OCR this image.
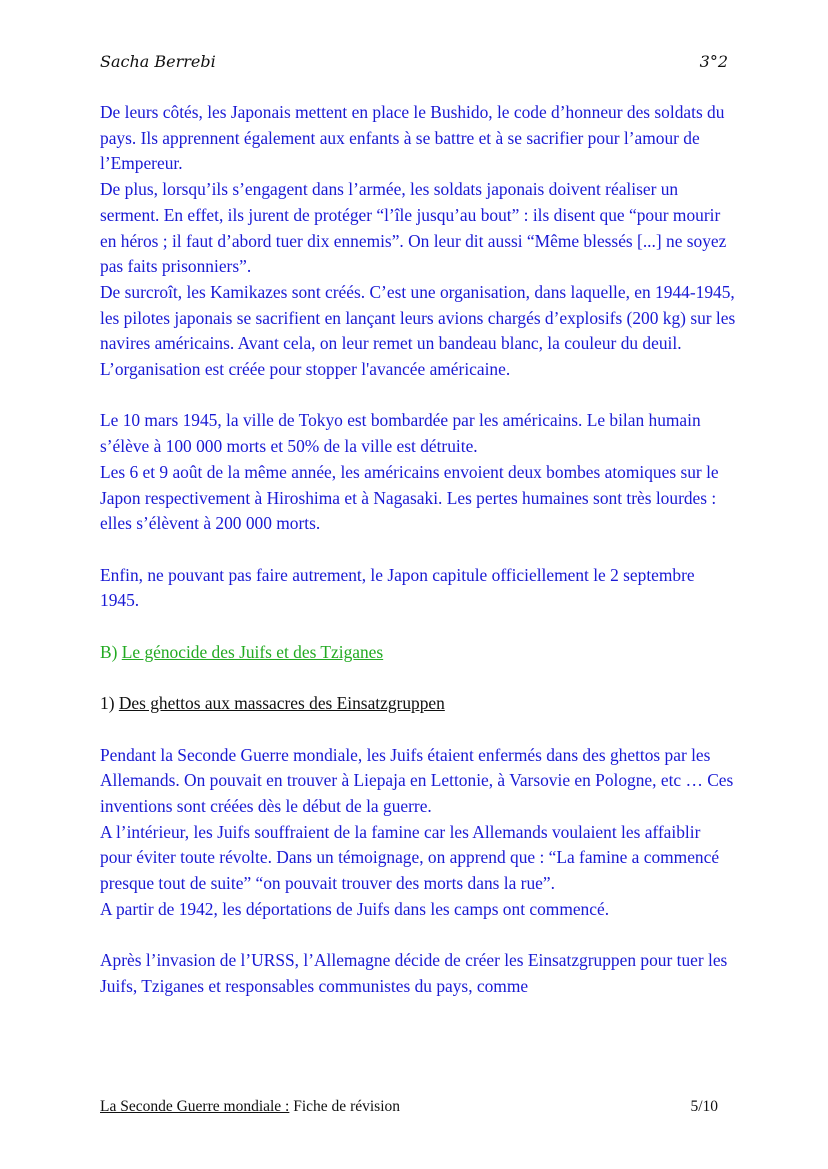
Sacha Berrebi	3°2

De leurs côtés, les Japonais mettent en place le Bushido, le code d’honneur des soldats du pays. Ils apprennent également aux enfants à se battre et à se sacrifier pour l’amour de l’Empereur.

De plus, lorsqu’ils s’engagent dans l’armée, les soldats japonais doivent réaliser un serment. En effet, ils jurent de protéger “l’île jusqu’au bout” : ils disent que “pour mourir en héros ; il faut d’abord tuer dix ennemis”. On leur dit aussi “Même blessés [...] ne soyez pas faits prisonniers”.

De surcroît, les Kamikazes sont créés. C’est une organisation, dans laquelle, en 1944-1945, les pilotes japonais se sacrifient en lançant leurs avions chargés d’explosifs (200 kg) sur les navires américains. Avant cela, on leur remet un bandeau blanc, la couleur du deuil. L’organisation est créée pour stopper l'avancée américaine.

Le 10 mars 1945, la ville de Tokyo est bombardée par les américains. Le bilan humain s’élève à 100 000 morts et 50% de la ville est détruite.

Les 6 et 9 août de la même année, les américains envoient deux bombes atomiques sur le Japon respectivement à Hiroshima et à Nagasaki. Les pertes humaines sont très lourdes : elles s’élèvent à 200 000 morts.

Enfin, ne pouvant pas faire autrement, le Japon capitule officiellement le 2 septembre 1945.

B) Le génocide des Juifs et des Tziganes

1) Des ghettos aux massacres des Einsatzgruppen

Pendant la Seconde Guerre mondiale, les Juifs étaient enfermés dans des ghettos par les Allemands. On pouvait en trouver à Liepaja en Lettonie, à Varsovie en Pologne, etc … Ces inventions sont créées dès le début de la guerre.

A l’intérieur, les Juifs souffraient de la famine car les Allemands voulaient les affaiblir pour éviter toute révolte. Dans un témoignage, on apprend que : “La famine a commencé presque tout de suite” “on pouvait trouver des morts dans la rue”.

A partir de 1942, les déportations de Juifs dans les camps ont commencé.

Après l’invasion de l’URSS, l’Allemagne décide de créer les Einsatzgruppen pour tuer les Juifs, Tziganes et responsables communistes du pays, comme

La Seconde Guerre mondiale : Fiche de révision	5/10
